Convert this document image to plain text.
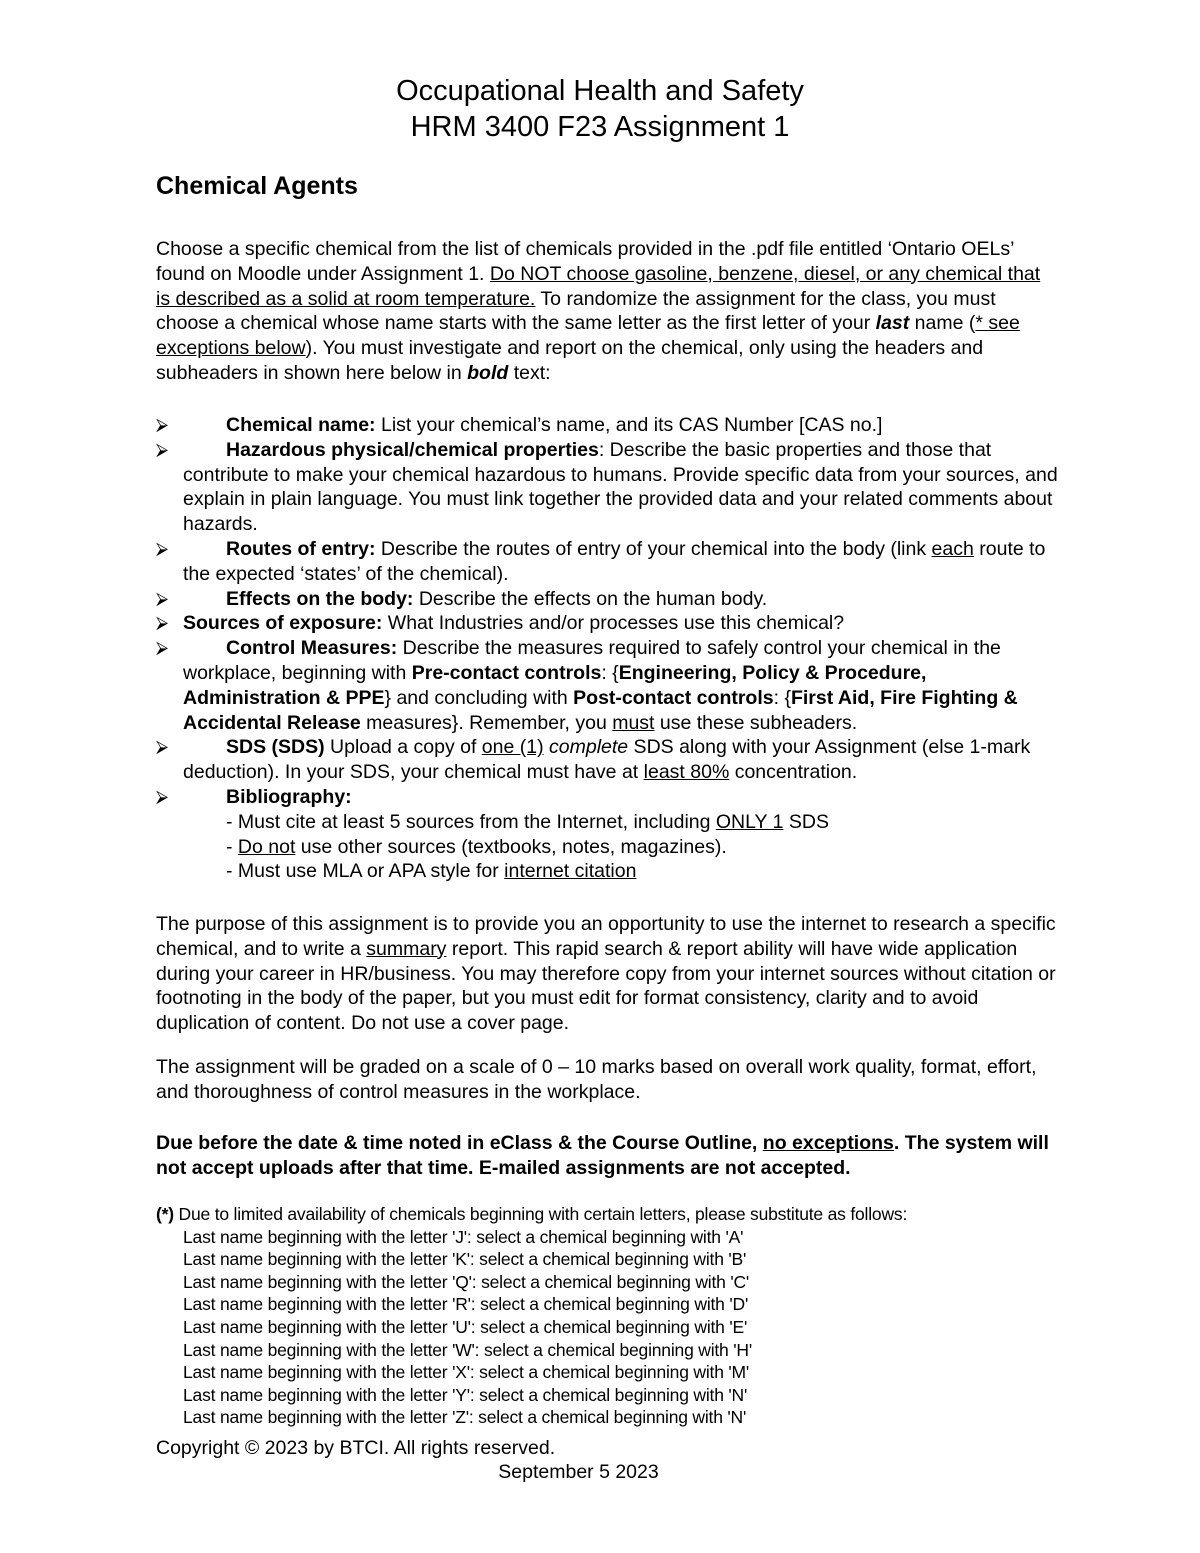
Occupational Health and Safety
HRM 3400 F23 Assignment 1
Chemical Agents
Choose a specific chemical from the list of chemicals provided in the .pdf file entitled ‘Ontario OELs’ found on Moodle under Assignment 1. Do NOT choose gasoline, benzene, diesel, or any chemical that is described as a solid at room temperature. To randomize the assignment for the class, you must choose a chemical whose name starts with the same letter as the first letter of your last name (* see exceptions below). You must investigate and report on the chemical, only using the headers and subheaders in shown here below in bold text:
⮚	Chemical name: List your chemical’s name, and its CAS Number [CAS no.]
⮚	Hazardous physical/chemical properties: Describe the basic properties and those that contribute to make your chemical hazardous to humans. Provide specific data from your sources, and explain in plain language. You must link together the provided data and your related comments about hazards.
⮚	Routes of entry: Describe the routes of entry of your chemical into the body (link each route to the expected ‘states’ of the chemical).
⮚	Effects on the body: Describe the effects on the human body.
⮚ Sources of exposure: What Industries and/or processes use this chemical?
⮚	Control Measures: Describe the measures required to safely control your chemical in the workplace, beginning with Pre-contact controls: {Engineering, Policy & Procedure, Administration & PPE} and concluding with Post-contact controls: {First Aid, Fire Fighting & Accidental Release measures}. Remember, you must use these subheaders.
⮚	SDS (SDS) Upload a copy of one (1) complete SDS along with your Assignment (else 1-mark deduction). In your SDS, your chemical must have at least 80% concentration.
⮚	Bibliography:
- Must cite at least 5 sources from the Internet, including ONLY 1 SDS
- Do not use other sources (textbooks, notes, magazines).
- Must use MLA or APA style for internet citation
The purpose of this assignment is to provide you an opportunity to use the internet to research a specific chemical, and to write a summary report. This rapid search & report ability will have wide application during your career in HR/business. You may therefore copy from your internet sources without citation or footnoting in the body of the paper, but you must edit for format consistency, clarity and to avoid duplication of content. Do not use a cover page.
The assignment will be graded on a scale of 0 – 10 marks based on overall work quality, format, effort, and thoroughness of control measures in the workplace.
Due before the date & time noted in eClass & the Course Outline, no exceptions. The system will not accept uploads after that time. E-mailed assignments are not accepted.
(*) Due to limited availability of chemicals beginning with certain letters, please substitute as follows:
Last name beginning with the letter 'J': select a chemical beginning with 'A'
Last name beginning with the letter 'K': select a chemical beginning with 'B'
Last name beginning with the letter 'Q': select a chemical beginning with 'C'
Last name beginning with the letter 'R': select a chemical beginning with 'D'
Last name beginning with the letter 'U': select a chemical beginning with 'E'
Last name beginning with the letter 'W': select a chemical beginning with 'H'
Last name beginning with the letter 'X': select a chemical beginning with 'M'
Last name beginning with the letter 'Y': select a chemical beginning with 'N'
Last name beginning with the letter 'Z': select a chemical beginning with 'N'
Copyright © 2023 by BTCI. All rights reserved.
September 5 2023
